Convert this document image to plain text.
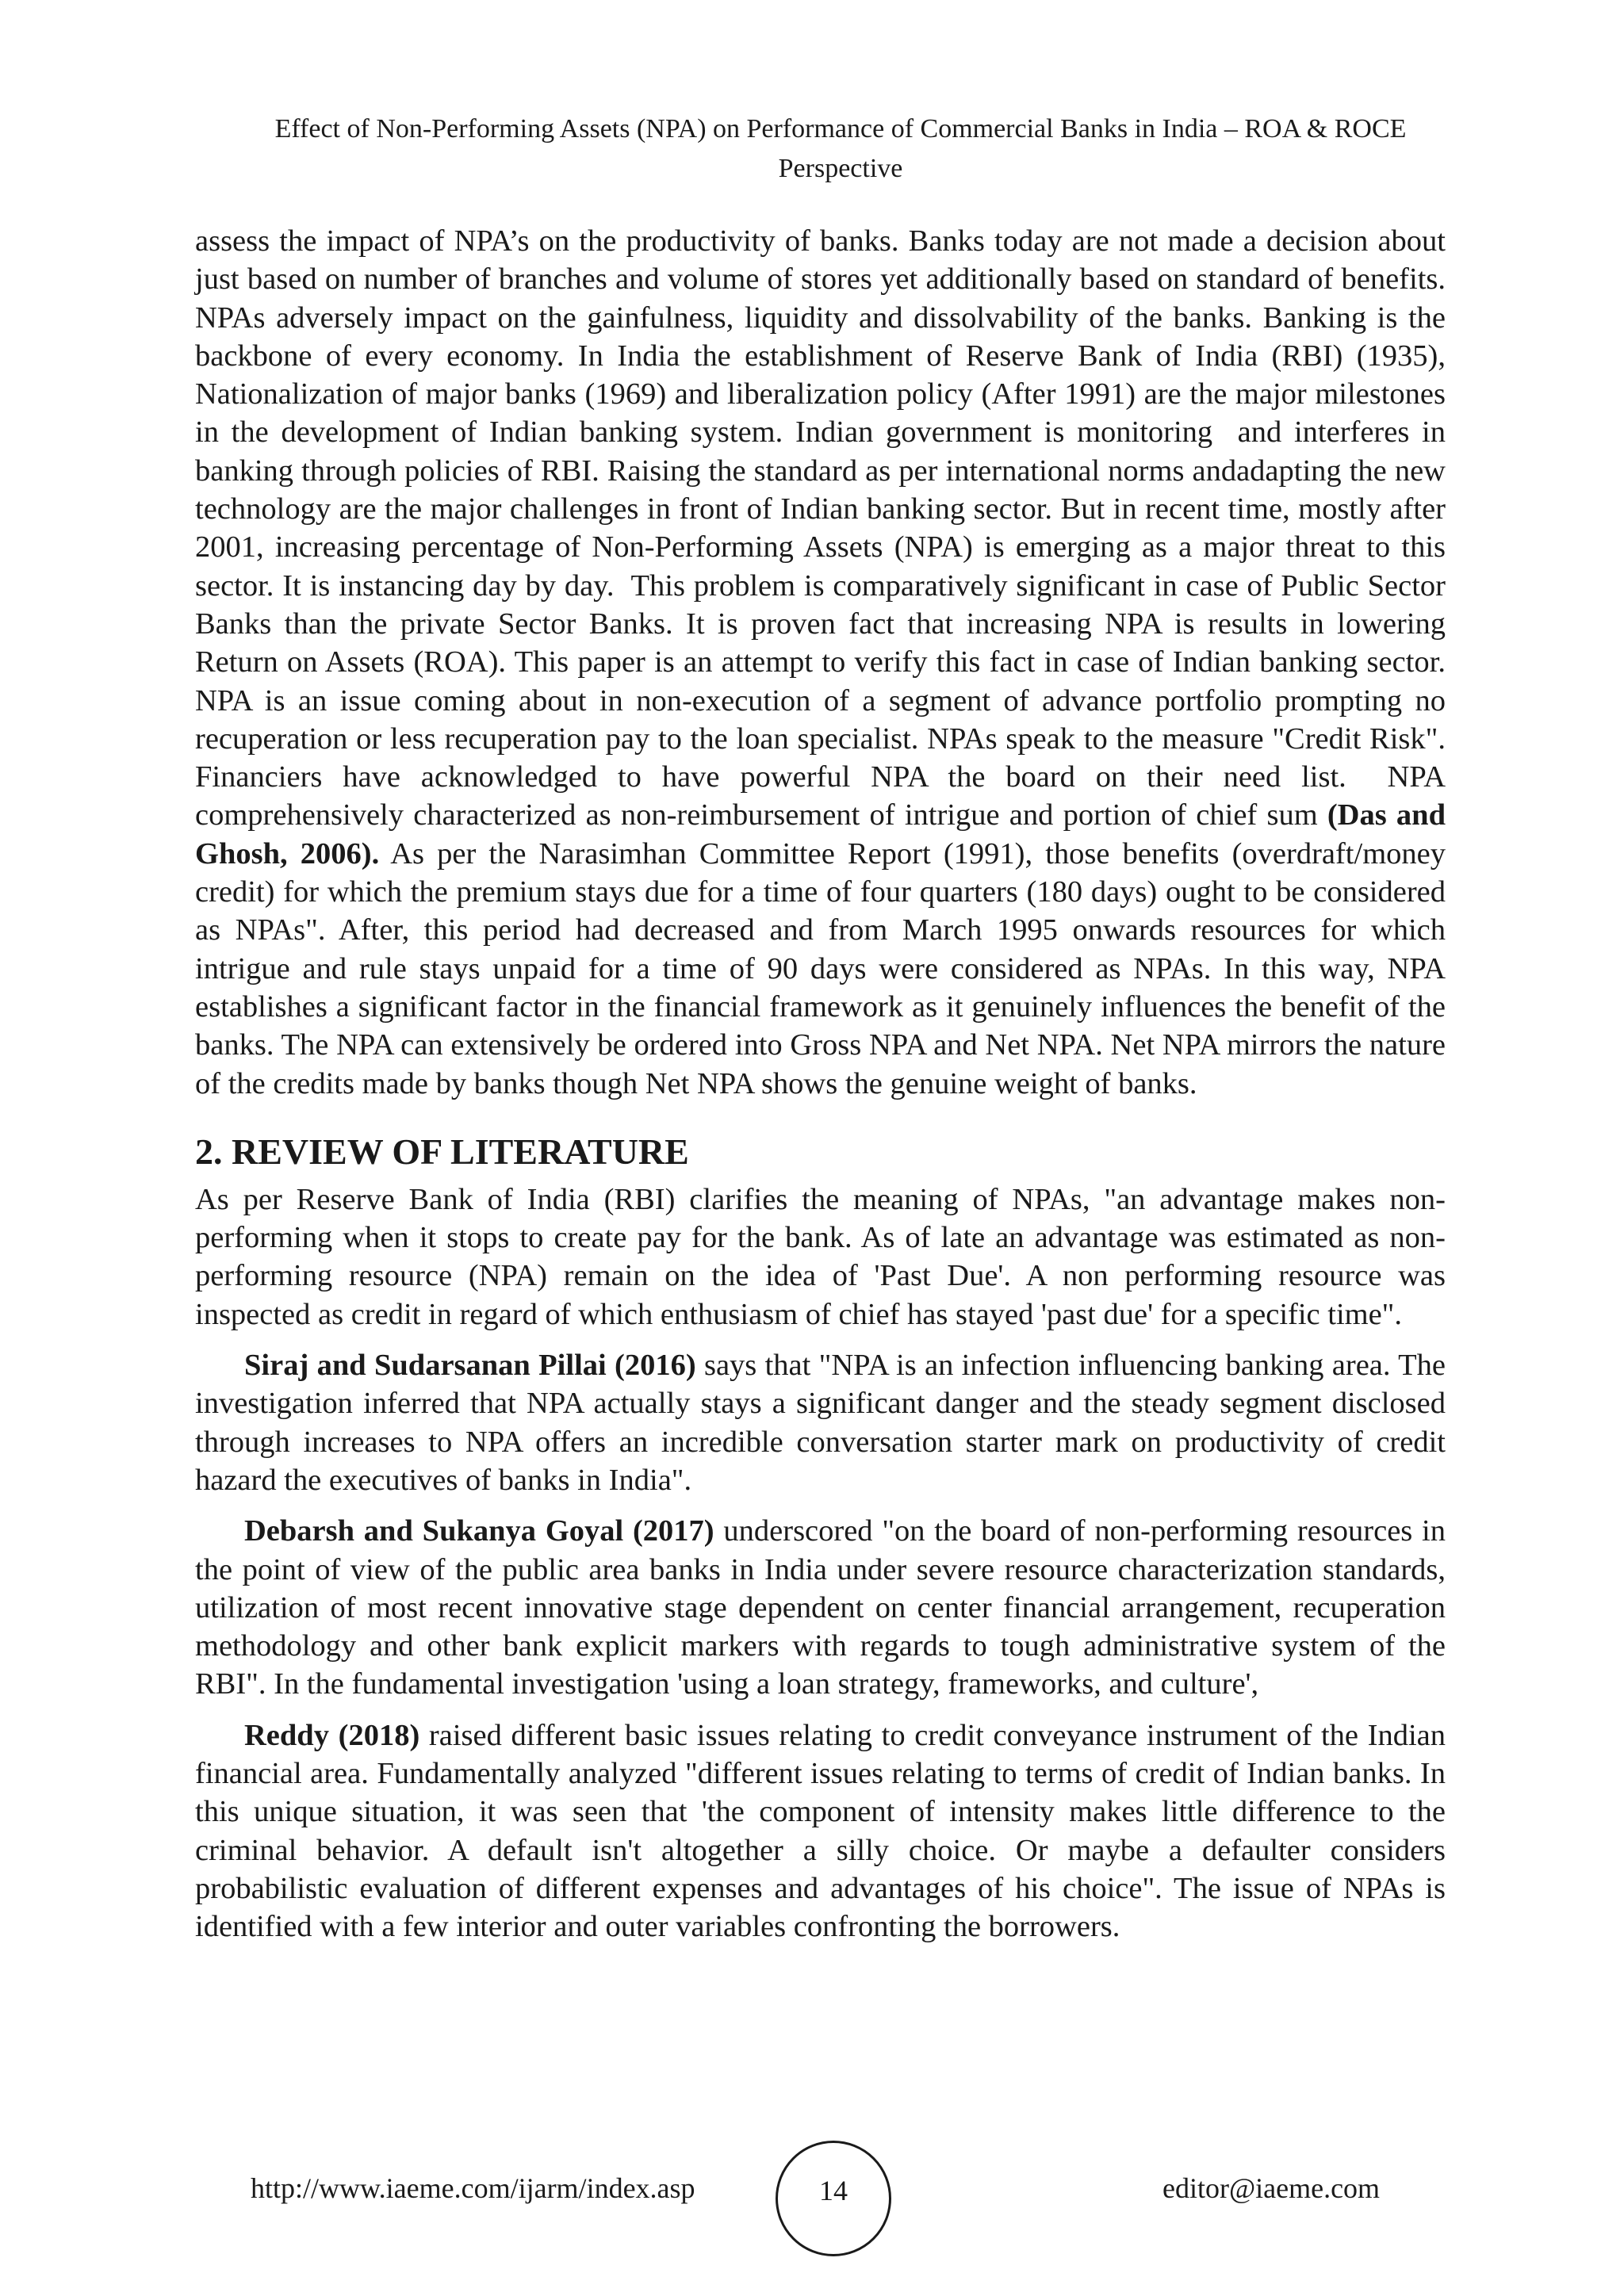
Effect of Non-Performing Assets (NPA) on Performance of Commercial Banks in India – ROA & ROCE Perspective

assess the impact of NPA’s on the productivity of banks. Banks today are not made a decision about just based on number of branches and volume of stores yet additionally based on standard of benefits. NPAs adversely impact on the gainfulness, liquidity and dissolvability of the banks. Banking is the backbone of every economy. In India the establishment of Reserve Bank of India (RBI) (1935), Nationalization of major banks (1969) and liberalization policy (After 1991) are the major milestones in the development of Indian banking system. Indian government is monitoring  and interferes in banking through policies of RBI. Raising the standard as per international norms andadapting the new technology are the major challenges in front of Indian banking sector. But in recent time, mostly after 2001, increasing percentage of Non-Performing Assets (NPA) is emerging as a major threat to this sector. It is instancing day by day.  This problem is comparatively significant in case of Public Sector Banks than the private Sector Banks. It is proven fact that increasing NPA is results in lowering Return on Assets (ROA). This paper is an attempt to verify this fact in case of Indian banking sector. NPA is an issue coming about in non-execution of a segment of advance portfolio prompting no recuperation or less recuperation pay to the loan specialist. NPAs speak to the measure "Credit Risk". Financiers have acknowledged to have powerful NPA the board on their need list.  NPA comprehensively characterized as non-reimbursement of intrigue and portion of chief sum (Das and Ghosh, 2006). As per the Narasimhan Committee Report (1991), those benefits (overdraft/money credit) for which the premium stays due for a time of four quarters (180 days) ought to be considered as NPAs". After, this period had decreased and from March 1995 onwards resources for which intrigue and rule stays unpaid for a time of 90 days were considered as NPAs. In this way, NPA establishes a significant factor in the financial framework as it genuinely influences the benefit of the banks. The NPA can extensively be ordered into Gross NPA and Net NPA. Net NPA mirrors the nature of the credits made by banks though Net NPA shows the genuine weight of banks.

2. REVIEW OF LITERATURE

As per Reserve Bank of India (RBI) clarifies the meaning of NPAs, "an advantage makes non-performing when it stops to create pay for the bank. As of late an advantage was estimated as non-performing resource (NPA) remain on the idea of 'Past Due'. A non performing resource was inspected as credit in regard of which enthusiasm of chief has stayed 'past due' for a specific time".

Siraj and Sudarsanan Pillai (2016) says that "NPA is an infection influencing banking area. The investigation inferred that NPA actually stays a significant danger and the steady segment disclosed through increases to NPA offers an incredible conversation starter mark on productivity of credit hazard the executives of banks in India".

Debarsh and Sukanya Goyal (2017) underscored "on the board of non-performing resources in the point of view of the public area banks in India under severe resource characterization standards, utilization of most recent innovative stage dependent on center financial arrangement, recuperation methodology and other bank explicit markers with regards to tough administrative system of the RBI". In the fundamental investigation 'using a loan strategy, frameworks, and culture',

Reddy (2018) raised different basic issues relating to credit conveyance instrument of the Indian financial area. Fundamentally analyzed "different issues relating to terms of credit of Indian banks. In this unique situation, it was seen that 'the component of intensity makes little difference to the criminal behavior. A default isn't altogether a silly choice. Or maybe a defaulter considers probabilistic evaluation of different expenses and advantages of his choice". The issue of NPAs is identified with a few interior and outer variables confronting the borrowers.

http://www.iaeme.com/ijarm/index.asp	14	editor@iaeme.com
